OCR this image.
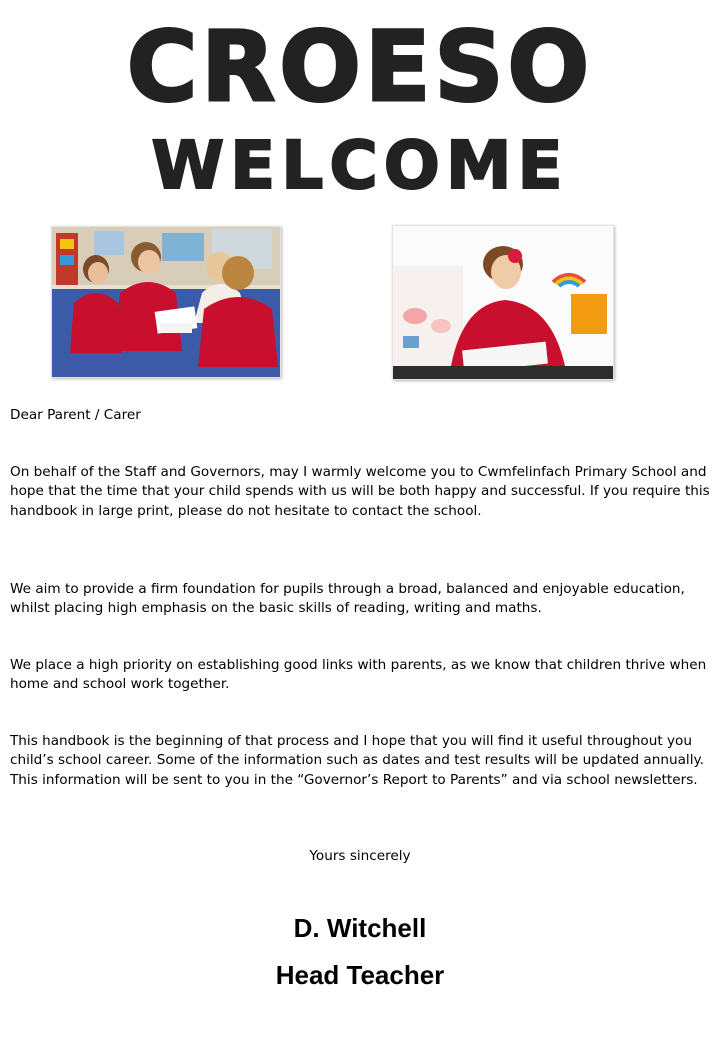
CROESO
WELCOME
Dear Parent / Carer
On behalf of the Staff and Governors, may I warmly welcome you to Cwmfelinfach Primary School and hope that the time that your child spends with us will be both happy and successful. If you require this handbook in large print, please do not hesitate to contact the school.
We aim to provide a firm foundation for pupils through a broad, balanced and enjoyable education, whilst placing high emphasis on the basic skills of reading, writing and maths.
We place a high priority on establishing good links with parents, as we know that children thrive when home and school work together.
This handbook is the beginning of that process and I hope that you will find it useful throughout you child’s school career. Some of the information such as dates and test results will be updated annually. This information will be sent to you in the “Governor’s Report to Parents” and via school newsletters.
Yours sincerely
D. Witchell
Head Teacher
